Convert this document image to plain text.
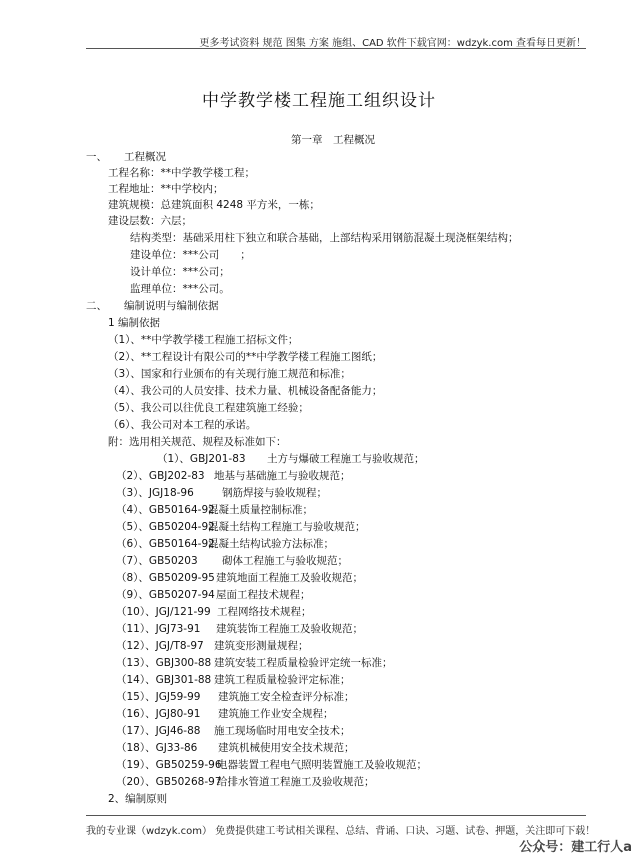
更多考试资料 规范 图集 方案 施组、CAD 软件下载官网：wdzyk.com 查看每日更新！
中学教学楼工程施工组织设计
第一章　工程概况
一、 工程概况
工程名称：**中学教学楼工程；
工程地址：**中学校内；
建筑规模：总建筑面积 4248 平方米，一栋；
建设层数：六层；
结构类型：基础采用柱下独立和联合基础，上部结构采用钢筋混凝土现浇框架结构；
建设单位：***公司　　；
设计单位：***公司；
监理单位：***公司。
二、 编制说明与编制依据
1 编制依据
（1）、**中学教学楼工程施工招标文件；
（2）、**工程设计有限公司的**中学教学楼工程施工图纸；
（3）、国家和行业颁布的有关现行施工规范和标准；
（4）、我公司的人员安排、技术力量、机械设备配备能力；
（5）、我公司以往优良工程建筑施工经验；
（6）、我公司对本工程的承诺。
附：选用相关规范、规程及标准如下：
（1）、GBJ201-83 土方与爆破工程施工与验收规范；
（2）、GBJ202-83 地基与基础施工与验收规范；
（3）、JGJ18-96	钢筋焊接与验收规程；
（4）、GB50164-92混凝土质量控制标准；
（5）、GB50204-92混凝土结构工程施工与验收规范；
（6）、GB50164-92混凝土结构试验方法标准；
（7）、GB50203 砌体工程施工与验收规范；
（8）、GB50209-95建筑地面工程施工及验收规范；
（9）、GB50207-94屋面工程技术规程；
（10）、JGJ/121-99 工程网络技术规程；
（11）、JGJ73-91 建筑装饰工程施工及验收规范；
（12）、JGJ/T8-97 建筑变形测量规程；
（13）、GBJ300-88 建筑安装工程质量检验评定统一标准；
（14）、GBJ301-88 建筑工程质量检验评定标准；
（15）、JGJ59-99 建筑施工安全检查评分标准；
（16）、JGJ80-91 建筑施工作业安全规程；
（17）、JGJ46-88 施工现场临时用电安全技术；
（18）、GJ33-86 建筑机械使用安全技术规范；
（19）、GB50259-96电器装置工程电气照明装置施工及验收规范；
（20）、GB50268-97给排水管道工程施工及验收规范；
2、编制原则
我的专业课（wdzyk.com） 免费提供建工考试相关课程、总结、背诵、口诀、习题、试卷、押题，关注即可下载！
公众号：建工行人a
